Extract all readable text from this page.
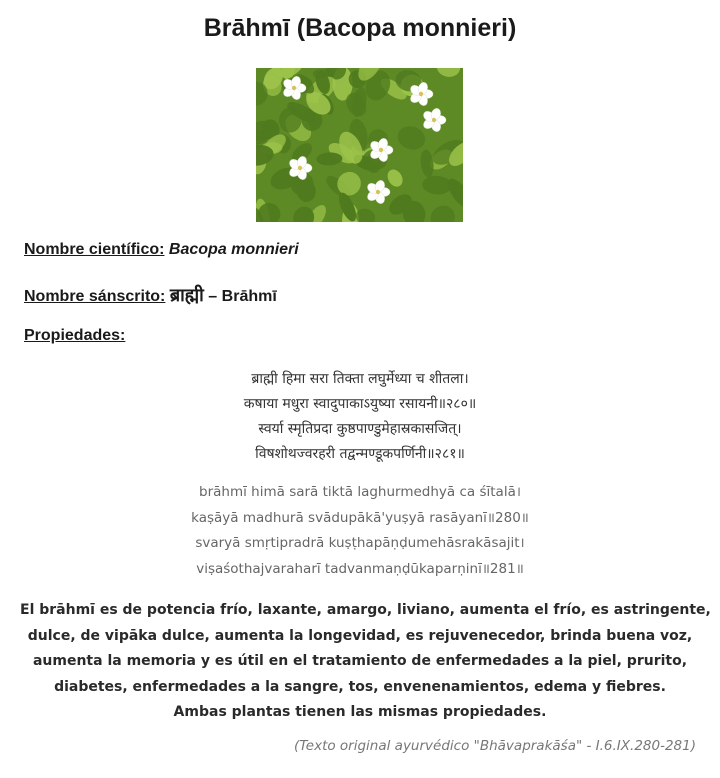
Brāhmī (Bacopa monnieri)
Nombre científico: Bacopa monnieri
Nombre sánscrito: ब्राह्मी – Brāhmī
Propiedades:
ब्राह्मी हिमा सरा तिक्ता लघुर्मेध्या च शीतला।
कषाया मधुरा स्वादुपाकाऽयुष्या रसायनी॥२८०॥
स्वर्या स्मृतिप्रदा कुष्ठपाण्डुमेहास्रकासजित्।
विषशोथज्वरहरी तद्वन्मण्डूकपर्णिनी॥२८१॥
brāhmī himā sarā tiktā laghurmedhyā ca śītalā।
kaṣāyā madhurā svādupākā'yuṣyā rasāyanī॥280॥
svaryā smṛtipradrā kuṣṭhapāṇḍumehāsrakāsajit।
viṣaśothajvaraharī tadvanmaṇḍūkaparṇinī॥281॥
El brāhmī es de potencia frío, laxante, amargo, liviano, aumenta el frío, es astringente,
dulce, de vipāka dulce, aumenta la longevidad, es rejuvenecedor, brinda buena voz,
aumenta la memoria y es útil en el tratamiento de enfermedades a la piel, prurito,
diabetes, enfermedades a la sangre, tos, envenenamientos, edema y fiebres.
Ambas plantas tienen las mismas propiedades.
(Texto original ayurvédico "Bhāvaprakāśa" - I.6.IX.280-281)
